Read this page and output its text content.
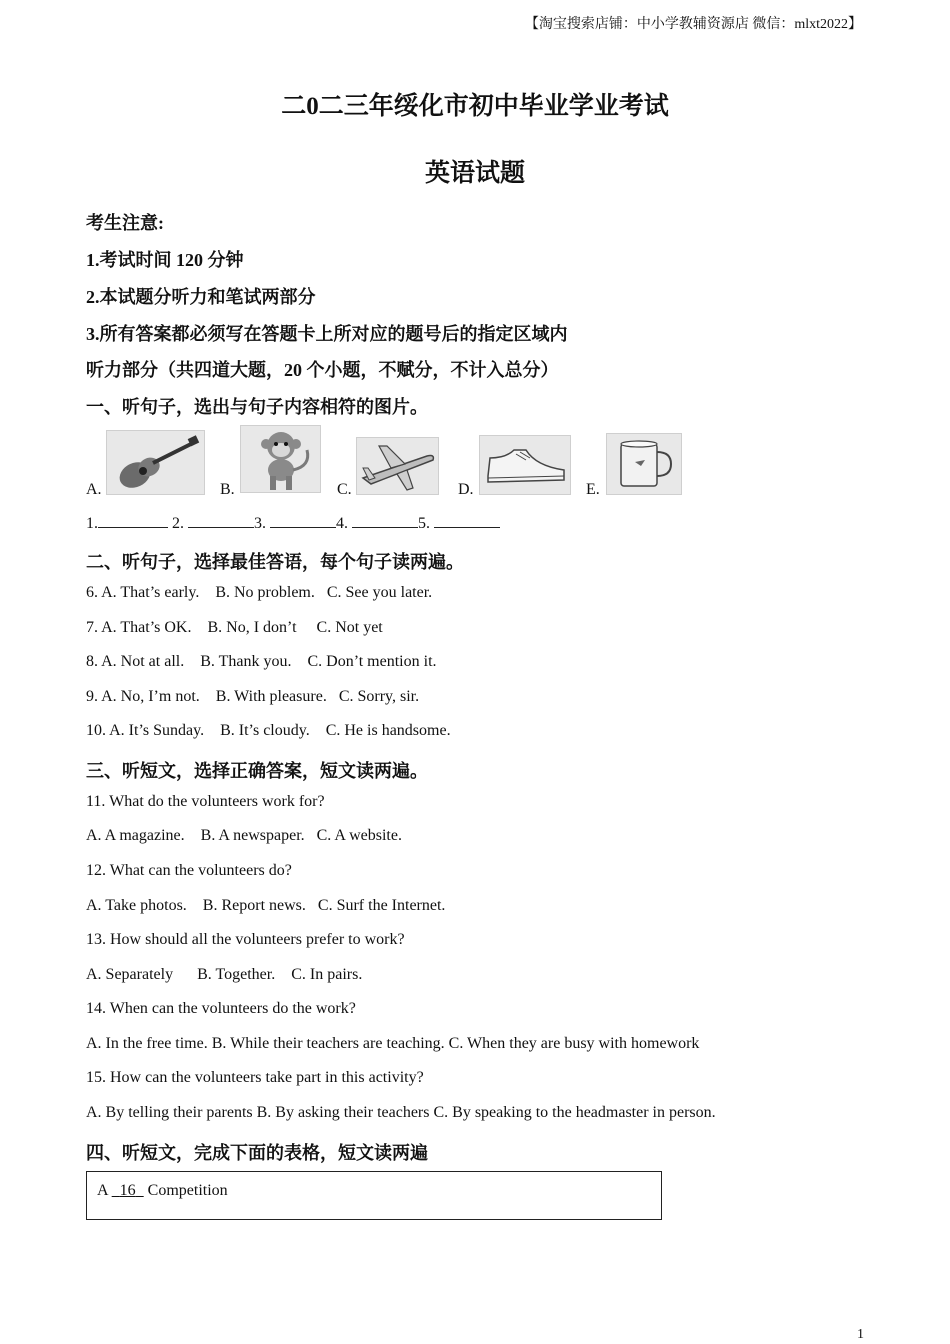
【淘宝搜索店铺：中小学教辅资源店 微信：mlxt2022】
二0二三年绥化市初中毕业学业考试
英语试题
考生注意:
1.考试时间 120 分钟
2.本试题分听力和笔试两部分
3.所有答案都必须写在答题卡上所对应的题号后的指定区域内
听力部分（共四道大题，20 个小题，不赋分，不计入总分）
一、听句子，选出与句子内容相符的图片。
A.	B.	C.	D.	E.
1.	2.	3.	4.	5.
二、听句子，选择最佳答语，每个句子读两遍。
6. A. That’s early.    B. No problem.   C. See you later.
7. A. That’s OK.    B. No, I don’t     C. Not yet
8. A. Not at all.    B. Thank you.    C. Don’t mention it.
9. A. No, I’m not.    B. With pleasure.   C. Sorry, sir.
10. A. It’s Sunday.    B. It’s cloudy.    C. He is handsome.
三、听短文，选择正确答案，短文读两遍。
11. What do the volunteers work for?
A. A magazine.    B. A newspaper.   C. A website.
12. What can the volunteers do?
A. Take photos.    B. Report news.   C. Surf the Internet.
13. How should all the volunteers prefer to work?
A. Separately      B. Together.    C. In pairs.
14. When can the volunteers do the work?
A. In the free time. B. While their teachers are teaching. C. When they are busy with homework
15. How can the volunteers take part in this activity?
A. By telling their parents B. By asking their teachers C. By speaking to the headmaster in person.
四、听短文，完成下面的表格，短文读两遍
A 16 Competition
1
